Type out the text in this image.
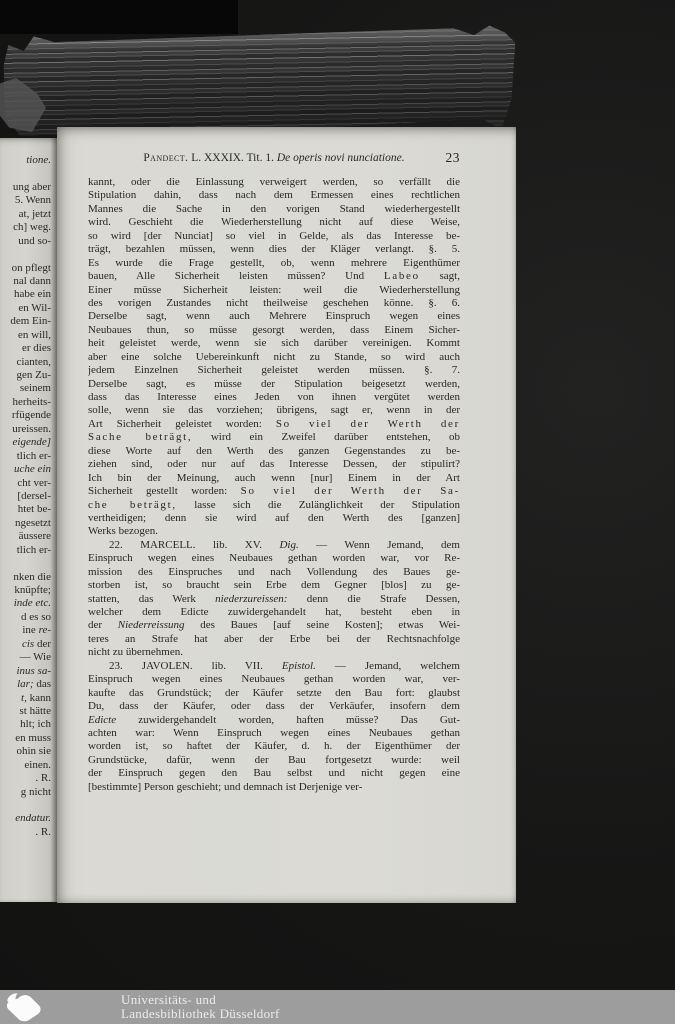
tione.
ung aber
5. Wenn
at, jetzt
ch] weg.
und so-
on pflegt
nal dann
habe ein
en Wil-
dem Ein-
en will,
er dies
cianten,
gen Zu-
seinem
herheits-
rfügende
ureissen.
eigende]
tlich er-
uche ein
cht ver-
[dersel-
htet be-
ngesetzt
äussere
tlich er-
nken die
knüpfte;
inde etc.
d es so
ine re-
cis der
— Wie
inus sa-
lar; das
t, kann
st hätte
hlt; ich
en muss
ohin sie
einen.
. R.
g nicht
endatur.
. R.
Pandect. L. XXXIX. Tit. 1. De operis novi nunciatione.	23
kannt, oder die Einlassung verweigert werden, so verfällt die
Stipulation dahin, dass nach dem Ermessen eines rechtlichen
Mannes die Sache in den vorigen Stand wiederhergestellt
wird. Geschieht die Wiederherstellung nicht auf diese Weise,
so wird [der Nunciat] so viel in Gelde, als das Interesse be-
trägt, bezahlen müssen, wenn dies der Kläger verlangt. §. 5.
Es wurde die Frage gestellt, ob, wenn mehrere Eigenthümer
bauen, Alle Sicherheit leisten müssen? Und Labeo sagt,
Einer müsse Sicherheit leisten: weil die Wiederherstellung
des vorigen Zustandes nicht theilweise geschehen könne. §. 6.
Derselbe sagt, wenn auch Mehrere Einspruch wegen eines
Neubaues thun, so müsse gesorgt werden, dass Einem Sicher-
heit geleistet werde, wenn sie sich darüber vereinigen. Kommt
aber eine solche Uebereinkunft nicht zu Stande, so wird auch
jedem Einzelnen Sicherheit geleistet werden müssen. §. 7.
Derselbe sagt, es müsse der Stipulation beigesetzt werden,
dass das Interesse eines Jeden von ihnen vergütet werden
solle, wenn sie das vorziehen; übrigens, sagt er, wenn in der
Art Sicherheit geleistet worden: So viel der Werth der
Sache beträgt, wird ein Zweifel darüber entstehen, ob
diese Worte auf den Werth des ganzen Gegenstandes zu be-
ziehen sind, oder nur auf das Interesse Dessen, der stipulirt?
Ich bin der Meinung, auch wenn [nur] Einem in der Art
Sicherheit gestellt worden: So viel der Werth der Sa-
che beträgt, lasse sich die Zulänglichkeit der Stipulation
vertheidigen; denn sie wird auf den Werth des [ganzen]
Werks bezogen.
22. MARCELL. lib. XV. Dig. — Wenn Jemand, dem
Einspruch wegen eines Neubaues gethan worden war, vor Re-
mission des Einspruches und nach Vollendung des Baues ge-
storben ist, so braucht sein Erbe dem Gegner [blos] zu ge-
statten, das Werk niederzureissen: denn die Strafe Dessen,
welcher dem Edicte zuwidergehandelt hat, besteht eben in
der Niederreissung des Baues [auf seine Kosten]; etwas Wei-
teres an Strafe hat aber der Erbe bei der Rechtsnachfolge
nicht zu übernehmen.
23. JAVOLEN. lib. VII. Epistol. — Jemand, welchem
Einspruch wegen eines Neubaues gethan worden war, ver-
kaufte das Grundstück; der Käufer setzte den Bau fort: glaubst
Du, dass der Käufer, oder dass der Verkäufer, insofern dem
Edicte zuwidergehandelt worden, haften müsse? Das Gut-
achten war: Wenn Einspruch wegen eines Neubaues gethan
worden ist, so haftet der Käufer, d. h. der Eigenthümer der
Grundstücke, dafür, wenn der Bau fortgesetzt wurde: weil
der Einspruch gegen den Bau selbst und nicht gegen eine
[bestimmte] Person geschieht; und demnach ist Derjenige ver-
Universitäts- und
Landesbibliothek Düsseldorf
